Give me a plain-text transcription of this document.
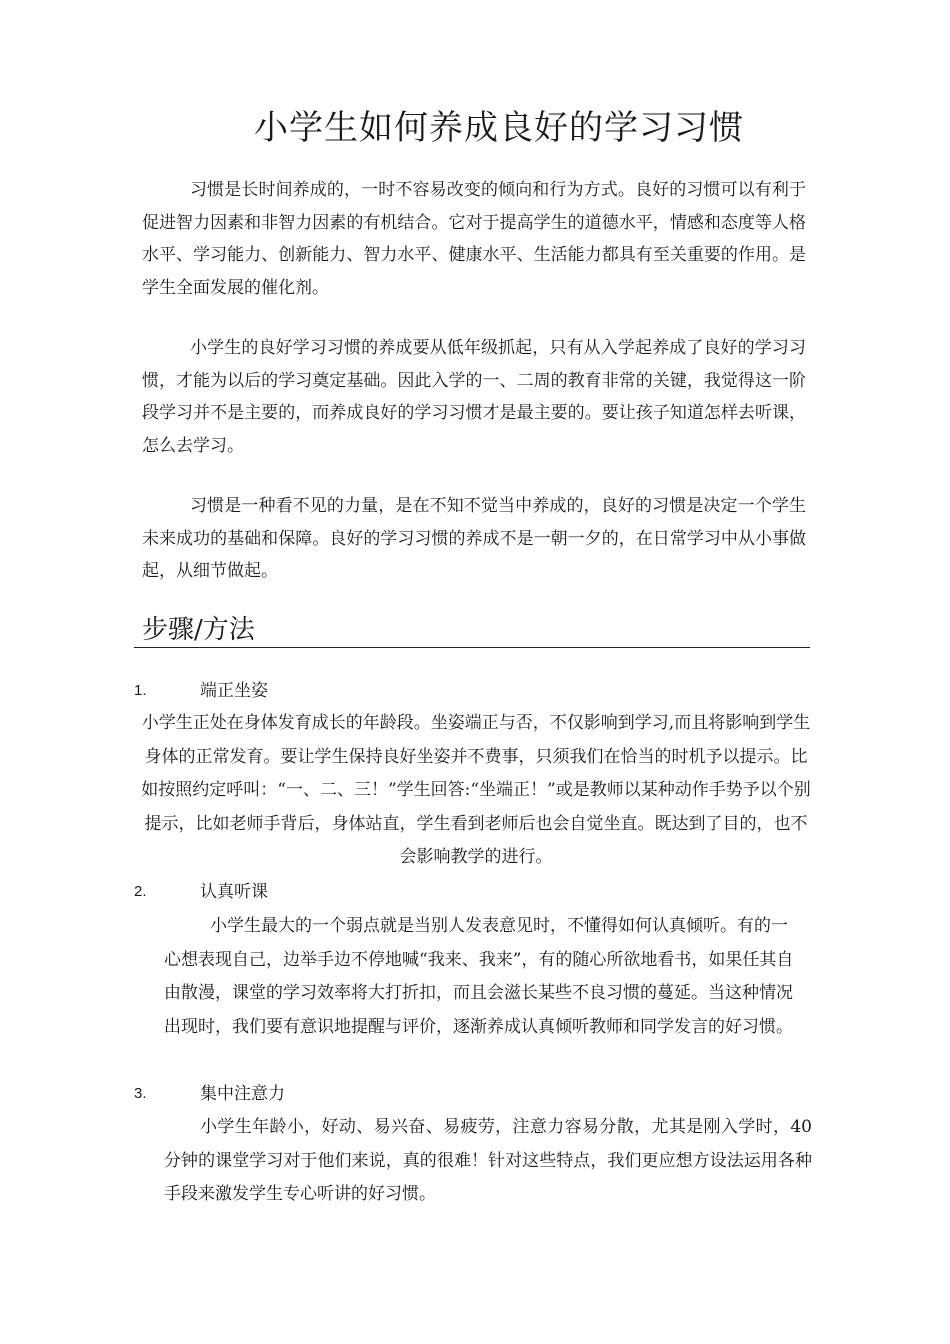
小学生如何养成良好的学习习惯

习惯是长时间养成的，一时不容易改变的倾向和行为方式。良好的习惯可以有利于促进智力因素和非智力因素的有机结合。它对于提高学生的道德水平，情感和态度等人格水平、学习能力、创新能力、智力水平、健康水平、生活能力都具有至关重要的作用。是学生全面发展的催化剂。

小学生的良好学习习惯的养成要从低年级抓起，只有从入学起养成了良好的学习习惯，才能为以后的学习奠定基础。因此入学的一、二周的教育非常的关键，我觉得这一阶段学习并不是主要的，而养成良好的学习习惯才是最主要的。要让孩子知道怎样去听课，怎么去学习。

习惯是一种看不见的力量，是在不知不觉当中养成的，良好的习惯是决定一个学生未来成功的基础和保障。良好的学习习惯的养成不是一朝一夕的，在日常学习中从小事做起，从细节做起。

步骤/方法
1.	端正坐姿

小学生正处在身体发育成长的年龄段。坐姿端正与否，不仅影响到学习,而且将影响到学生身体的正常发育。要让学生保持良好坐姿并不费事，只须我们在恰当的时机予以提示。比如按照约定呼叫：“一、二、三！”学生回答:“坐端正！”或是教师以某种动作手势予以个别提示，比如老师手背后，身体站直，学生看到老师后也会自觉坐直。既达到了目的，也不会影响教学的进行。

2.	认真听课

小学生最大的一个弱点就是当别人发表意见时，不懂得如何认真倾听。有的一心想表现自己，边举手边不停地喊“我来、我来”，有的随心所欲地看书，如果任其自由散漫，课堂的学习效率将大打折扣，而且会滋长某些不良习惯的蔓延。当这种情况出现时，我们要有意识地提醒与评价，逐渐养成认真倾听教师和同学发言的好习惯。

3.	集中注意力

小学生年龄小，好动、易兴奋、易疲劳，注意力容易分散，尤其是刚入学时，40分钟的课堂学习对于他们来说，真的很难！针对这些特点，我们更应想方设法运用各种手段来激发学生专心听讲的好习惯。
